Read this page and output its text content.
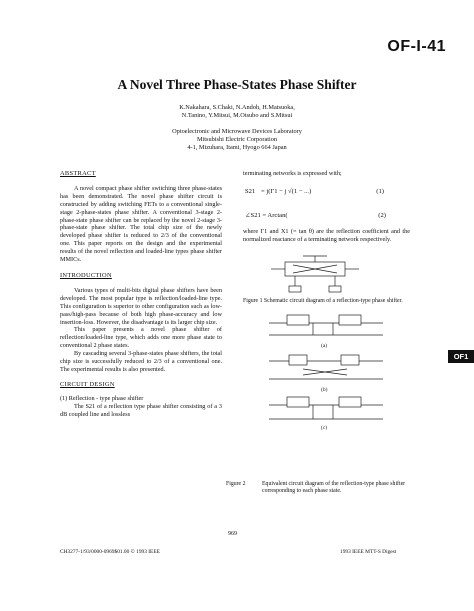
OF-I-41
A Novel Three Phase-States Phase Shifter
K.Nakahara, S.Chaki, N.Andoh, H.Matsuoka,
N.Tanino, Y.Mitsui, M.Otsubo and S.Mitsui
Optoelectronic and Microwave Devices Laboratory
Mitsubishi Electric Corporation
4-1, Mizuhara, Itami, Hyogo 664 Japan
ABSTRACT
A novel compact phase shifter switching three phase-states has been demonstrated. The novel phase shifter circuit is constructed by adding switching FETs to a conventional single-stage 2-phase-states phase shifter. A conventional 3-stage 2-phase-state phase shifter can be replaced by the novel 2-stage 3-phase-state phase shifter. The total chip size of the newly developed phase shifter is reduced to 2/3 of the conventional one. This paper reports on the design and the experimental results of the novel reflection and loaded-line types phase shifter MMICs.
INTRODUCTION
Various types of multi-bits digital phase shifters have been developed. The most popular type is reflection/loaded-line type. This configuration is superior to other configuration such as low-pass/high-pass because of both high phase-accuracy and low insertion-loss. However, the disadvantage is its larger chip size.
This paper presents a novel phase shifter of reflection/loaded-line type, which adds one more phase state to conventional 2 phase states.
By cascading several 3-phase-states phase shifters, the total chip size is successfully reduced to 2/3 of a conventional one. The experimental results is also presented.
CIRCUIT DESIGN
(1) Reflection - type phase shifter
The S21 of a reflection type phase shifter consisting of a 3 dB coupled line and lossless
terminating networks is expressed with;
S21 = j(Γ1 − j √(1 − ...)	(1)
∠S21 = Arctan(	(2)
where Γ1 and X1 (= tan θ) are the reflection coefficient and the normalized reactance of a terminating network respectively.
Figure 1 Schematic circuit diagram of a reflection-type phase shifter.
(a)
(b)
(c)
Figure 2	Equivalent circuit diagram of the reflection-type phase shifter corresponding to each phase state.
OF1
969
CH3277-1/93/0000-0969$01.00 © 1993 IEEE	1993 IEEE MTT-S Digest
